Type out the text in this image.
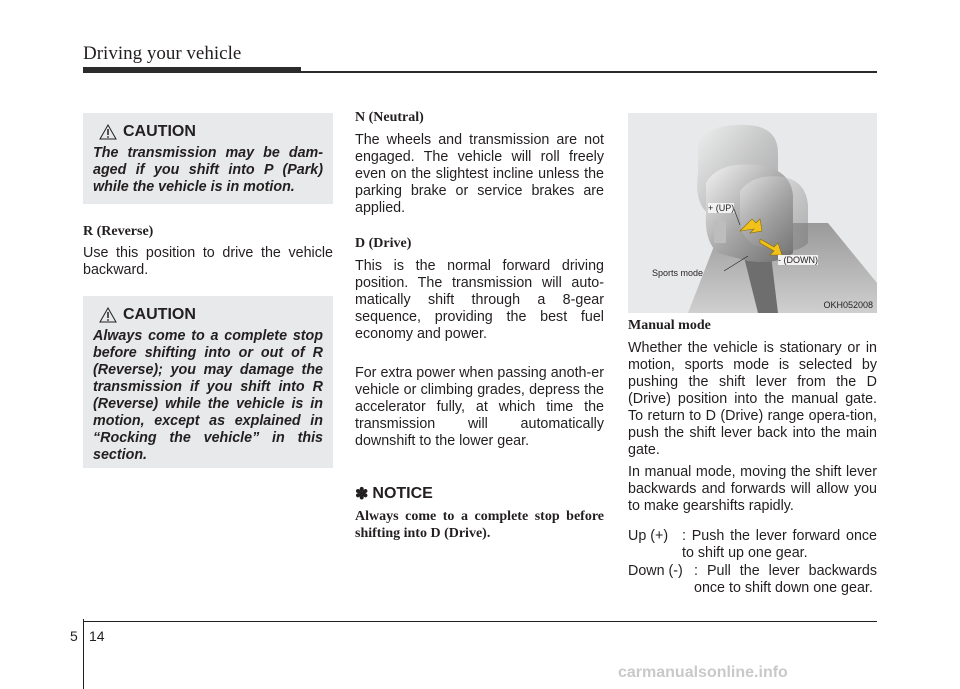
Driving your vehicle
CAUTION
The transmission may be dam-aged if you shift into P (Park) while the vehicle is in motion.
R (Reverse)
Use this position to drive the vehicle backward.
CAUTION
Always come to a complete stop before shifting into or out of R (Reverse); you may damage the transmission if you shift into R (Reverse) while the vehicle is in motion, except as explained in “Rocking the vehicle” in this section.
N (Neutral)
The wheels and transmission are not engaged. The vehicle will roll freely even on the slightest incline unless the parking brake or service brakes are applied.
D (Drive)
This is the normal forward driving position. The transmission will auto-matically shift through a 8-gear sequence, providing the best fuel economy and power.
For extra power when passing anoth-er vehicle or climbing grades, depress the accelerator fully, at which time the transmission will automatically downshift to the lower gear.
✽ NOTICE
Always come to a complete stop before shifting into D (Drive).
+ (UP)
- (DOWN)
Sports mode
OKH052008
Manual mode
Whether the vehicle is stationary or in motion, sports mode is selected by pushing the shift lever from the D (Drive) position into the manual gate. To return to D (Drive) range opera-tion, push the shift lever back into the main gate.
In manual mode, moving the shift lever backwards and forwards will allow you to make gearshifts rapidly.
Up (+) : Push the lever forward once to shift up one gear.
Down (-) : Pull the lever backwards once to shift down one gear.
5 14
carmanualsonline.info
